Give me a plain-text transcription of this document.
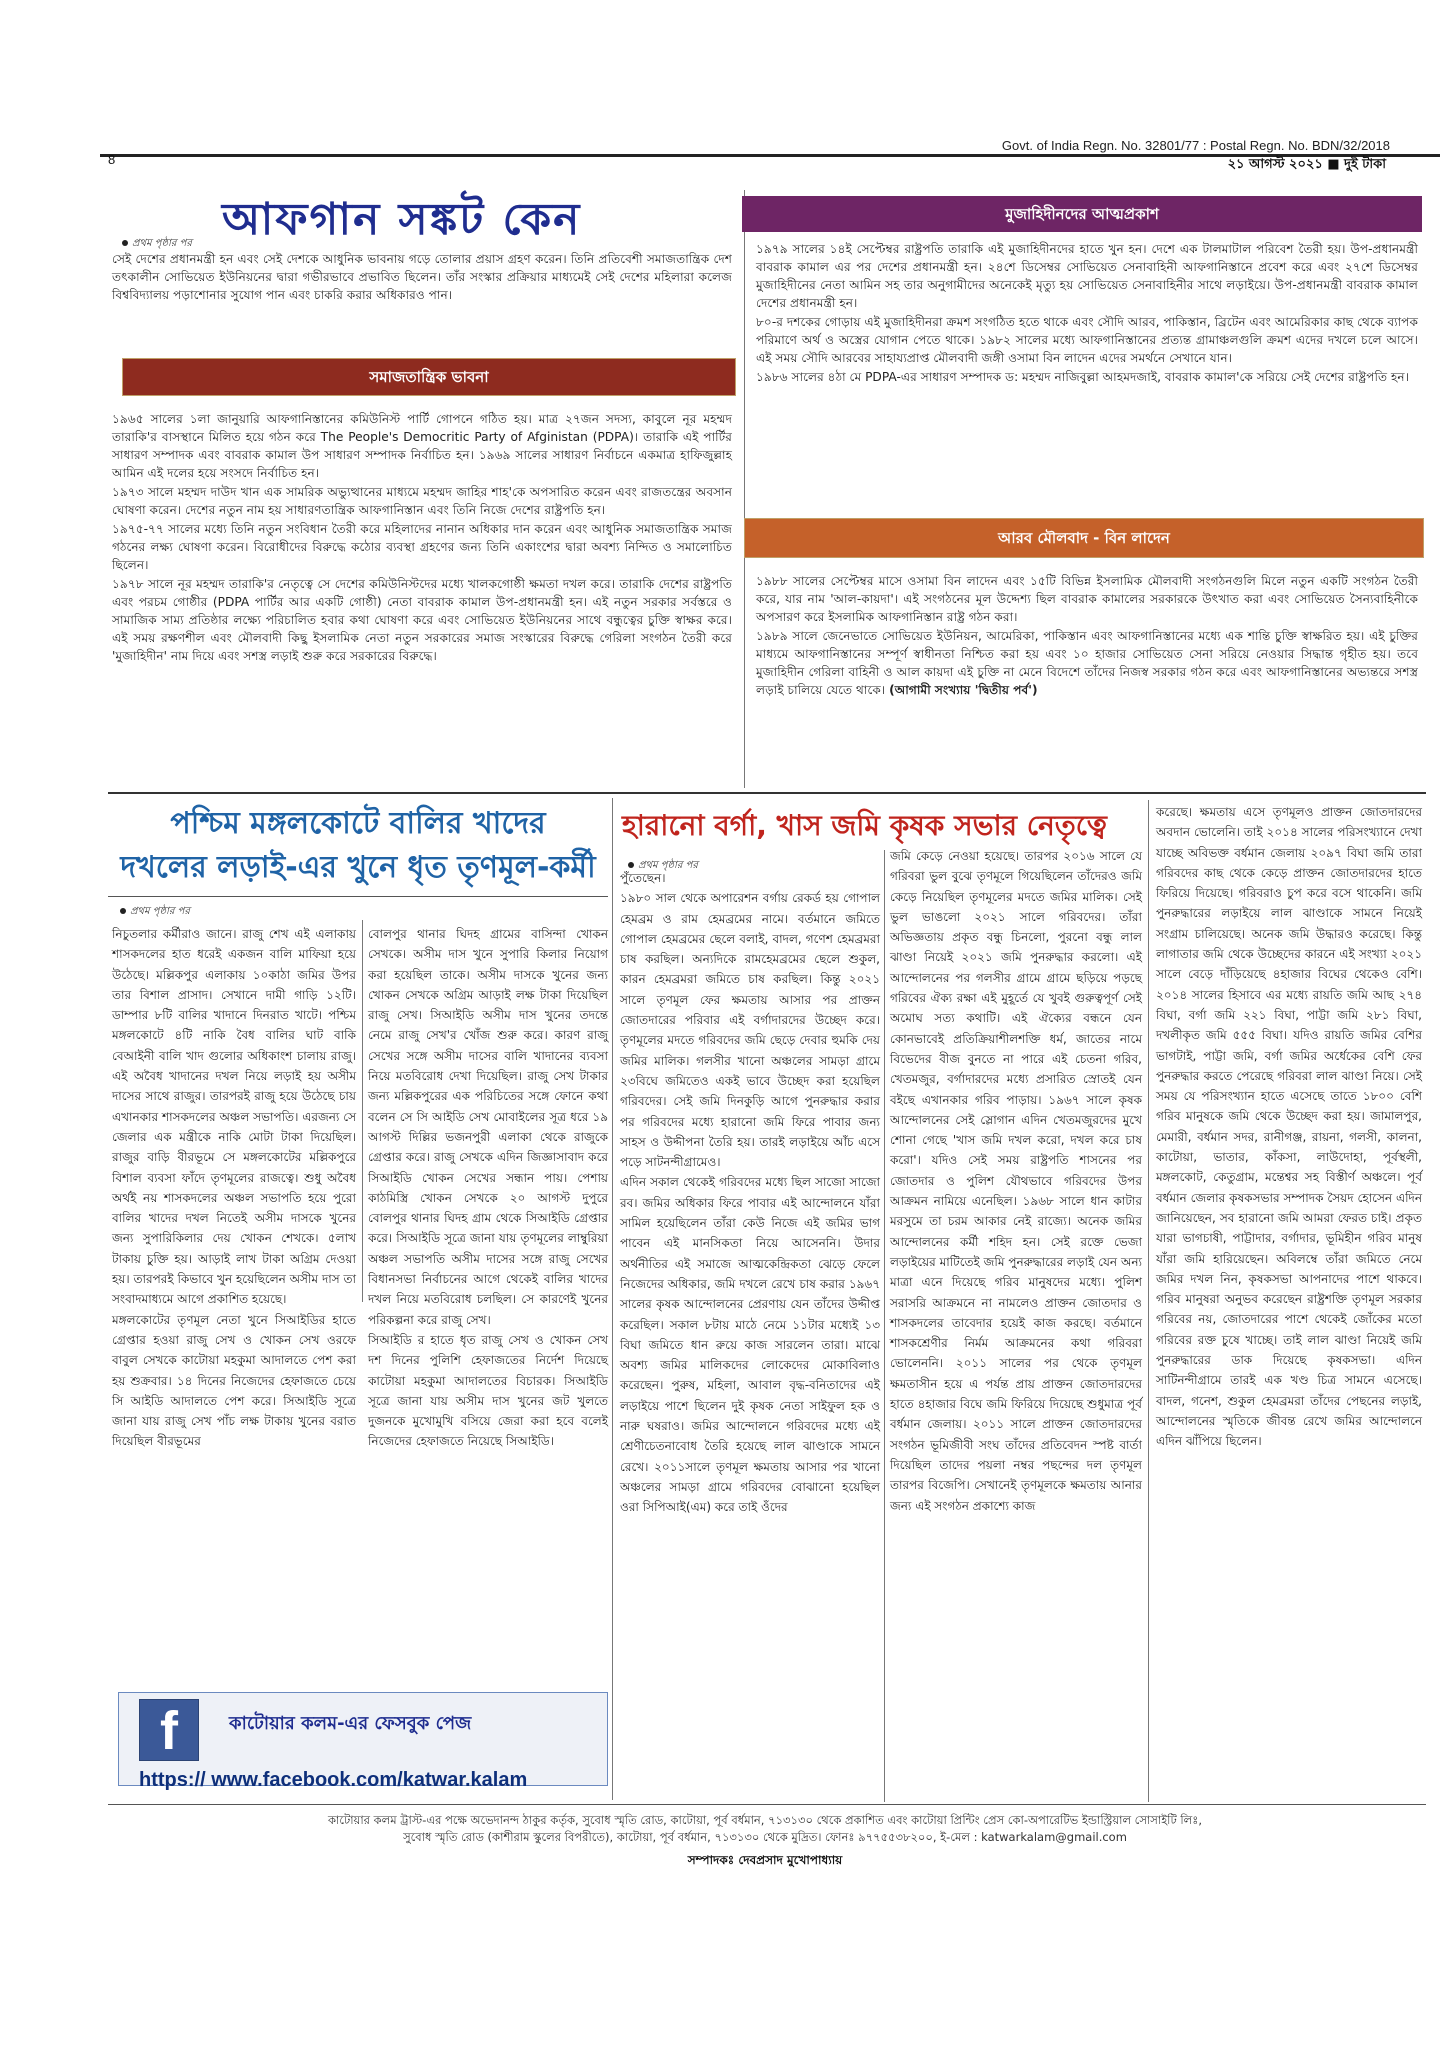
Govt. of India Regn. No. 32801/77 : Postal Regn. No. BDN/32/2018
8	২১ আগস্ট ২০২১ ■ দুই টাকা
আফগান সঙ্কট কেন
প্রথম পৃষ্ঠার পর

সেই দেশের প্রধানমন্ত্রী হন এবং সেই দেশকে আধুনিক ভাবনায় গড়ে তোলার প্রয়াস গ্রহণ করেন। তিনি প্রতিবেশী সমাজতান্ত্রিক দেশ তৎকালীন সোভিয়েত ইউনিয়নের দ্বারা গভীরভাবে প্রভাবিত ছিলেন। তাঁর সংস্কার প্রক্রিয়ার মাধ্যমেই সেই দেশের মহিলারা কলেজ বিশ্ববিদ্যালয় পড়াশোনার সুযোগ পান এবং চাকরি করার অধিকারও পান।

সমাজতান্ত্রিক ভাবনা

১৯৬৫ সালের ১লা জানুয়ারি আফগানিস্তানের কমিউনিস্ট পার্টি গোপনে গঠিত হয়। মাত্র ২৭জন সদস্য, কাবুলে নূর মহম্মদ তারাকি'র বাসস্থানে মিলিত হয়ে গঠন করে The People's Democritic Party of Afginistan (PDPA)। তারাকি এই পার্টির সাধারণ সম্পাদক এবং বাবরাক কামাল উপ সাধারণ সম্পাদক নির্বাচিত হন। ১৯৬৯ সালের সাধারণ নির্বাচনে একমাত্র হাফিজুল্লাহ আমিন এই দলের হয়ে সংসদে নির্বাচিত হন।

১৯৭৩ সালে মহম্মদ দাউদ খান এক সামরিক অভ্যুত্থানের মাধ্যমে মহম্মদ জাহির শাহ'কে অপসারিত করেন এবং রাজতন্ত্রের অবসান ঘোষণা করেন। দেশের নতুন নাম হয় সাধারণতান্ত্রিক আফগানিস্তান এবং তিনি নিজে দেশের রাষ্ট্রপতি হন।

১৯৭৫-৭৭ সালের মধ্যে তিনি নতুন সংবিধান তৈরী করে মহিলাদের নানান অধিকার দান করেন এবং আধুনিক সমাজতান্ত্রিক সমাজ গঠনের লক্ষ্য ঘোষণা করেন। বিরোধীদের বিরুদ্ধে কঠোর ব্যবস্থা গ্রহণের জন্য তিনি একাংশের দ্বারা অবশ্য নিন্দিত ও সমালোচিত ছিলেন।

১৯৭৮ সালে নূর মহম্মদ তারাকি'র নেতৃত্বে সে দেশের কমিউনিস্টদের মধ্যে খালকগোষ্ঠী ক্ষমতা দখল করে। তারাকি দেশের রাষ্ট্রপতি এবং পরচম গোষ্ঠীর (PDPA পার্টির আর একটি গোষ্ঠী) নেতা বাবরাক কামাল উপ-প্রধানমন্ত্রী হন। এই নতুন সরকার সর্বস্তরে ও সামাজিক সাম্য প্রতিষ্ঠার লক্ষ্যে পরিচালিত হবার কথা ঘোষণা করে এবং সোভিয়েত ইউনিয়নের সাথে বন্ধুত্বের চুক্তি স্বাক্ষর করে। এই সময় রক্ষণশীল এবং মৌলবাদী কিছু ইসলামিক নেতা নতুন সরকারের সমাজ সংস্কারের বিরুদ্ধে গেরিলা সংগঠন তৈরী করে 'মুজাহিদীন' নাম দিয়ে এবং সশস্ত্র লড়াই শুরু করে সরকারের বিরুদ্ধে।

মুজাহিদীনদের আত্মপ্রকাশ

১৯৭৯ সালের ১৪ই সেপ্টেম্বর রাষ্ট্রপতি তারাকি এই মুজাহিদীনদের হাতে খুন হন। দেশে এক টালমাটাল পরিবেশ তৈরী হয়। উপ-প্রধানমন্ত্রী বাবরাক কামাল এর পর দেশের প্রধানমন্ত্রী হন। ২৪শে ডিসেম্বর সোভিয়েত সেনাবাহিনী আফগানিস্তানে প্রবেশ করে এবং ২৭শে ডিসেম্বর মুজাহিদীনের নেতা আমিন সহ তার অনুগামীদের অনেকেই মৃত্যু হয় সোভিয়েত সেনাবাহিনীর সাথে লড়াইয়ে। উপ-প্রধানমন্ত্রী বাবরাক কামাল দেশের প্রধানমন্ত্রী হন।

৮০-র দশকের গোড়ায় এই মুজাহিদীনরা ক্রমশ সংগঠিত হতে থাকে এবং সৌদি আরব, পাকিস্তান, ব্রিটেন এবং আমেরিকার কাছ থেকে ব্যাপক পরিমাণে অর্থ ও অস্ত্রের যোগান পেতে থাকে। ১৯৮২ সালের মধ্যে আফগানিস্তানের প্রত্যন্ত গ্রামাঞ্চলগুলি ক্রমশ এদের দখলে চলে আসে। এই সময় সৌদি আরবের সাহায্যপ্রাপ্ত মৌলবাদী জঙ্গী ওসামা বিন লাদেন এদের সমর্থনে সেখানে যান।

১৯৮৬ সালের ৪ঠা মে PDPA-এর সাধারণ সম্পাদক ড: মহম্মদ নাজিবুল্লা আহমদজাই, বাবরাক কামাল'কে সরিয়ে সেই দেশের রাষ্ট্রপতি হন।

আরব মৌলবাদ - বিন লাদেন

১৯৮৮ সালের সেপ্টেম্বর মাসে ওসামা বিন লাদেন এবং ১৫টি বিভিন্ন ইসলামিক মৌলবাদী সংগঠনগুলি মিলে নতুন একটি সংগঠন তৈরী করে, যার নাম 'আল-কায়দা'। এই সংগঠনের মূল উদ্দেশ্য ছিল বাবরাক কামালের সরকারকে উৎখাত করা এবং সোভিয়েত সৈন্যবাহিনীকে অপসারণ করে ইসলামিক আফগানিস্তান রাষ্ট্র গঠন করা।

১৯৮৯ সালে জেনেভাতে সোভিয়েত ইউনিয়ন, আমেরিকা, পাকিস্তান এবং আফগানিস্তানের মধ্যে এক শান্তি চুক্তি স্বাক্ষরিত হয়। এই চুক্তির মাধ্যমে আফগানিস্তানের সম্পূর্ণ স্বাধীনতা নিশ্চিত করা হয় এবং ১০ হাজার সোভিয়েত সেনা সরিয়ে নেওয়ার সিদ্ধান্ত গৃহীত হয়। তবে মুজাহিদীন গেরিলা বাহিনী ও আল কায়দা এই চুক্তি না মেনে বিদেশে তাঁদের নিজস্ব সরকার গঠন করে এবং আফগানিস্তানের অভ্যন্তরে সশস্ত্র লড়াই চালিয়ে যেতে থাকে। (আগামী সংখ্যায় 'দ্বিতীয় পর্ব')

পশ্চিম মঙ্গলকোটে বালির খাদের
দখলের লড়াই-এর খুনে ধৃত তৃণমূল-কর্মী
প্রথম পৃষ্ঠার পর
নিচুতলার কর্মীরাও জানে। রাজু শেখ এই এলাকায় শাসকদলের হাত ধরেই একজন বালি মাফিয়া হয়ে উঠেছে। মল্লিকপুর এলাকায় ১০কাঠা জমির উপর তার বিশাল প্রাসাদ। সেখানে দামী গাড়ি ১২টি। ডাম্পার ৮টি বালির খাদানে দিনরাত খাটে। পশ্চিম মঙ্গলকোটে ৪টি নাকি বৈধ বালির ঘাট বাকি বেআইনী বালি খাদ গুলোর অধিকাংশ চালায় রাজু। এই অবৈধ খাদানের দখল নিয়ে লড়াই হয় অসীম দাসের সাথে রাজুর। তারপরই রাজু হয়ে উঠেছে চায় এখানকার শাসকদলের অঞ্চল সভাপতি। এরজন্য সে জেলার এক মন্ত্রীকে নাকি মোটা টাকা দিয়েছিল। রাজুর বাড়ি বীরভূমে সে মঙ্গলকোটের মল্লিকপুরে বিশাল ব্যবসা ফাঁদে তৃণমূলের রাজত্বে। শুধু অবৈধ অর্থই নয় শাসকদলের অঞ্চল সভাপতি হয়ে পুরো বালির খাদের দখল নিতেই অসীম দাসকে খুনের জন্য সুপারিকিলার দেয় খোকন শেখকে। ৫লাখ টাকায় চুক্তি হয়। আড়াই লাখ টাকা অগ্রিম দেওয়া হয়। তারপরই কিভাবে খুন হয়েছিলেন অসীম দাস তা সংবাদমাধ্যমে আগে প্রকাশিত হয়েছে।
মঙ্গলকোটের তৃণমূল নেতা খুনে সিআইডির হাতে গ্রেপ্তার হওয়া রাজু সেখ ও খোকন সেখ ওরফে বাবুল সেখকে কাটোয়া মহকুমা আদালতে পেশ করা হয় শুক্রবার। ১৪ দিনের নিজেদের হেফাজতে চেয়ে সি আইডি আদালতে পেশ করে। সিআইডি সূত্রে জানা যায় রাজু সেখ পাঁচ লক্ষ টাকায় খুনের বরাত দিয়েছিল বীরভূমের
বোলপুর থানার ঘিদহ গ্রামের বাসিন্দা খোকন সেখকে। অসীম দাস খুনে সুপারি কিলার নিয়োগ করা হয়েছিল তাকে। অসীম দাসকে খুনের জন্য খোকন সেখকে অগ্রিম আড়াই লক্ষ টাকা দিয়েছিল রাজু সেখ। সিআইডি অসীম দাস খুনের তদন্তে নেমে রাজু সেখ'র খোঁজ শুরু করে। কারণ রাজু সেখের সঙ্গে অসীম দাসের বালি খাদানের ব্যবসা নিয়ে মতবিরোধ দেখা দিয়েছিল। রাজু সেখ টাকার জন্য মল্লিকপুরের এক পরিচিতের সঙ্গে ফোনে কথা বলেন সে সি আইডি সেখ মোবাইলের সূত্র ধরে ১৯ আগস্ট দিল্লির ভজনপুরী এলাকা থেকে রাজুকে গ্রেপ্তার করে। রাজু সেখকে এদিন জিজ্ঞাসাবাদ করে সিআইডি খোকন সেখের সন্ধান পায়। পেশায় কাঠমিস্ত্রি খোকন সেখকে ২০ আগস্ট দুপুরে বোলপুর থানার ঘিদহ গ্রাম থেকে সিআইডি গ্রেপ্তার করে। সিআইডি সূত্রে জানা যায় তৃণমূলের লাম্বুরিয়া অঞ্চল সভাপতি অসীম দাসের সঙ্গে রাজু সেখের বিধানসভা নির্বাচনের আগে থেকেই বালির খাদের দখল নিয়ে মতবিরোধ চলছিল। সে কারণেই খুনের পরিকল্পনা করে রাজু সেখ।
সিআইডি র হাতে ধৃত রাজু সেখ ও খোকন সেখ দশ দিনের পুলিশি হেফাজতের নির্দেশ দিয়েছে কাটোয়া মহকুমা আদালতের বিচারক। সিআইডি সূত্রে জানা যায় অসীম দাস খুনের জট খুলতে দুজনকে মুখোমুখি বসিয়ে জেরা করা হবে বলেই নিজেদের হেফাজতে নিয়েছে সিআইডি।
f	কাটোয়ার কলম-এর ফেসবুক পেজ
https:// www.facebook.com/katwar.kalam
হারানো বর্গা, খাস জমি কৃষক সভার নেতৃত্বে
প্রথম পৃষ্ঠার পর
পুঁতেছেন।
১৯৮০ সাল থেকে অপারেশন বর্গায় রেকর্ড হয় গোপাল হেমব্রম ও রাম হেমব্রমের নামে। বর্তমানে জমিতে গোপাল হেমব্রমের ছেলে বলাই, বাদল, গণেশ হেমব্রমরা চাষ করছিল। অন্যদিকে রামহেমব্রমের ছেলে শুকুল, কারন হেমব্রমরা জমিতে চাষ করছিল। কিন্তু ২০২১ সালে তৃণমূল ফের ক্ষমতায় আসার পর প্রাক্তন জোতদারের পরিবার এই বর্গাদারদের উচ্ছেদ করে। তৃণমূলের মদতে গরিবদের জমি ছেড়ে দেবার হুমকি দেয় জমির মালিক। গলসীর খানো অঞ্চলের সামড়া গ্রামে ২৩বিঘে জমিতেও একই ভাবে উচ্ছেদ করা হয়েছিল গরিবদের। সেই জমি দিনকুড়ি আগে পুনরুদ্ধার করার পর গরিবদের মধ্যে হারানো জমি ফিরে পাবার জন্য সাহস ও উদ্দীপনা তৈরি হয়। তারই লড়াইয়ে আঁচ এসে পড়ে সাটনন্দীগ্রামেও।
এদিন সকাল থেকেই গরিবদের মধ্যে ছিল সাজো সাজো রব। জমির অধিকার ফিরে পাবার এই আন্দোলনে যাঁরা সামিল হয়েছিলেন তাঁরা কেউ নিজে এই জমির ভাগ পাবেন এই মানসিকতা নিয়ে আসেননি। উদার অর্থনীতির এই সমাজে আত্মকেন্দ্রিকতা ঝেড়ে ফেলে নিজেদের অধিকার, জমি দখলে রেখে চাষ করার ১৯৬৭ সালের কৃষক আন্দোলনের প্রেরণায় যেন তাঁদের উদ্দীপ্ত করেছিল। সকাল ৮টায় মাঠে নেমে ১১টার মধ্যেই ১৩ বিঘা জমিতে ধান রুয়ে কাজ সারলেন তারা। মাঝে অবশ্য জমির মালিকদের লোকেদের মোকাবিলাও করেছেন। পুরুষ, মহিলা, আবাল বৃদ্ধ-বনিতাদের এই লড়াইয়ে পাশে ছিলেন দুই কৃষক নেতা সাইফুল হক ও নারু ঘষরাও। জমির আন্দোলনে গরিবদের মধ্যে এই শ্রেণীচেতনাবোধ তৈরি হয়েছে লাল ঝাণ্ডাকে সামনে রেখে। ২০১১সালে তৃণমূল ক্ষমতায় আসার পর খানো অঞ্চলের সামড়া গ্রামে গরিবদের বোঝানো হয়েছিল ওরা সিপিআই(এম) করে তাই ওঁদের
জমি কেড়ে নেওয়া হয়েছে। তারপর ২০১৬ সালে যে গরিবরা ভুল বুঝে তৃণমূলে গিয়েছিলেন তাঁদেরও জমি কেড়ে নিয়েছিল তৃণমূলের মদতে জমির মালিক। সেই ভুল ভাঙলো ২০২১ সালে গরিবদের। তাঁরা অভিজ্ঞতায় প্রকৃত বন্ধু চিনলো, পুরনো বন্ধু লাল ঝাণ্ডা নিয়েই ২০২১ জমি পুনরুদ্ধার করলো। এই আন্দোলনের পর গলসীর গ্রামে গ্রামে ছড়িয়ে পড়ছে গরিবের ঐক্য রক্ষা এই মুহূর্তে যে খুবই গুরুত্বপূর্ণ সেই অমোঘ সত্য কথাটি। এই ঐক্যের বন্ধনে যেন কোনভাবেই প্রতিক্রিয়াশীলশক্তি ধর্ম, জাতের নামে বিভেদের বীজ বুনতে না পারে এই চেতনা গরিব, খেতমজুর, বর্গাদারদের মধ্যে প্রসারিত স্রোতই যেন বইছে এখানকার গরিব পাড়ায়। ১৯৬৭ সালে কৃষক আন্দোলনের সেই স্লোগান এদিন খেতমজুরদের মুখে শোনা গেছে 'খাস জমি দখল করো, দখল করে চাষ করো'। যদিও সেই সময় রাষ্ট্রপতি শাসনের পর জোতদার ও পুলিশ যৌথভাবে গরিবদের উপর আক্রমন নামিয়ে এনেছিল। ১৯৬৮ সালে ধান কাটার মরসুমে তা চরম আকার নেই রাজ্যে। অনেক জমির আন্দোলনের কর্মী শহিদ হন। সেই রক্তে ভেজা লড়াইয়ের মাটিতেই জমি পুনরুদ্ধারের লড়াই যেন অন্য মাত্রা এনে দিয়েছে গরিব মানুষদের মধ্যে। পুলিশ সরাসরি আক্রমনে না নামলেও প্রাক্তন জোতদার ও শাসকদলের তাবেদার হয়েই কাজ করছে। বর্তমানে শাসকশ্রেণীর নির্মম আক্রমনের কথা গরিবরা ভোলেননি। ২০১১ সালের পর থেকে তৃণমূল ক্ষমতাসীন হয়ে এ পর্যন্ত প্রায় প্রাক্তন জোতদারদের হাতে ৪হাজার বিঘে জমি ফিরিয়ে দিয়েছে শুধুমাত্র পূর্ব বর্ধমান জেলায়। ২০১১ সালে প্রাক্তন জোতদারদের সংগঠন ভূমিজীবী সংঘ তাঁদের প্রতিবেদন স্পষ্ট বার্তা দিয়েছিল তাদের পয়লা নম্বর পছন্দের দল তৃণমূল তারপর বিজেপি। সেখানেই তৃণমূলকে ক্ষমতায় আনার জন্য এই সংগঠন প্রকাশ্যে কাজ
করেছে। ক্ষমতায় এসে তৃণমূলও প্রাক্তন জোতদারদের অবদান ভোলেনি। তাই ২০১৪ সালের পরিসংখ্যানে দেখা যাচ্ছে অবিভক্ত বর্ধমান জেলায় ২০৯৭ বিঘা জমি তারা গরিবদের কাছ থেকে কেড়ে প্রাক্তন জোতদারদের হাতে ফিরিয়ে দিয়েছে। গরিবরাও চুপ করে বসে থাকেনি। জমি পুনরুদ্ধারের লড়াইয়ে লাল ঝাণ্ডাকে সামনে নিয়েই সংগ্রাম চালিয়েছে। অনেক জমি উদ্ধারও করেছে। কিন্তু লাগাতার জমি থেকে উচ্ছেদের কারনে এই সংখ্যা ২০২১ সালে বেড়ে দাঁড়িয়েছে ৪হাজার বিঘের থেকেও বেশি। ২০১৪ সালের হিসাবে এর মধ্যে রায়তি জমি আছ ২৭৪ বিঘা, বর্গা জমি ২২১ বিঘা, পাট্টা জমি ২৮১ বিঘা, দখলীকৃত জমি ৫৫৫ বিঘা। যদিও রায়তি জমির বেশির ভাগটাই, পাট্টা জমি, বর্গা জমির অর্ধেকের বেশি ফের পুনরুদ্ধার করতে পেরেছে গরিবরা লাল ঝাণ্ডা নিয়ে। সেই সময় যে পরিসংখ্যান হাতে এসেছে তাতে ১৮০০ বেশি গরিব মানুষকে জমি থেকে উচ্ছেদ করা হয়। জামালপুর, মেমারী, বর্ধমান সদর, রানীগঞ্জ, রায়না, গলসী, কালনা, কাটোয়া, ভাতার, কাঁকসা, লাউদোহা, পূর্বস্থলী, মঙ্গলকোট, কেতুগ্রাম, মন্তেশ্বর সহ বিস্তীর্ণ অঞ্চলে। পূর্ব বর্ধমান জেলার কৃষকসভার সম্পাদক সৈয়দ হোসেন এদিন জানিয়েছেন, সব হারানো জমি আমরা ফেরত চাই। প্রকৃত যারা ভাগচাষী, পাট্টাদার, বর্গাদার, ভূমিহীন গরিব মানুষ যাঁরা জমি হারিয়েছেন। অবিলম্বে তাঁরা জমিতে নেমে জমির দখল নিন, কৃষকসভা আপনাদের পাশে থাকবে। গরিব মানুষরা অনুভব করেছেন রাষ্ট্রশক্তি তৃণমূল সরকার গরিবের নয়, জোতদারের পাশে থেকেই জোঁকের মতো গরিবের রক্ত চুষে খাচ্ছে। তাই লাল ঝাণ্ডা নিয়েই জমি পুনরুদ্ধারের ডাক দিয়েছে কৃষকসভা। এদিন সাটিনন্দীগ্রামে তারই এক খণ্ড চিত্র সামনে এসেছে। বাদল, গনেশ, শুকুল হেমব্রমরা তাঁদের পেছনের লড়াই, আন্দোলনের স্মৃতিকে জীবন্ত রেখে জমির আন্দোলনে এদিন ঝাঁপিয়ে ছিলেন।
কাটোয়ার কলম ট্রাস্ট-এর পক্ষে অভেদানন্দ ঠাকুর কর্তৃক, সুবোধ স্মৃতি রোড, কাটোয়া, পূর্ব বর্ধমান, ৭১৩১৩০ থেকে প্রকাশিত এবং কাটোয়া প্রিন্টিং প্রেস কো-অপারেটিভ ইন্ডাস্ট্রিয়াল সোসাইটি লিঃ,
সুবোধ স্মৃতি রোড (কাশীরাম স্কুলের বিপরীতে), কাটোয়া, পূর্ব বর্ধমান, ৭১৩১৩০ থেকে মুদ্রিত। ফোনঃ ৯৭৭৫৫৩৮২০০, ই-মেল : katwarkalam@gmail.com
সম্পাদকঃ দেবপ্রসাদ মুখোপাধ্যায়
